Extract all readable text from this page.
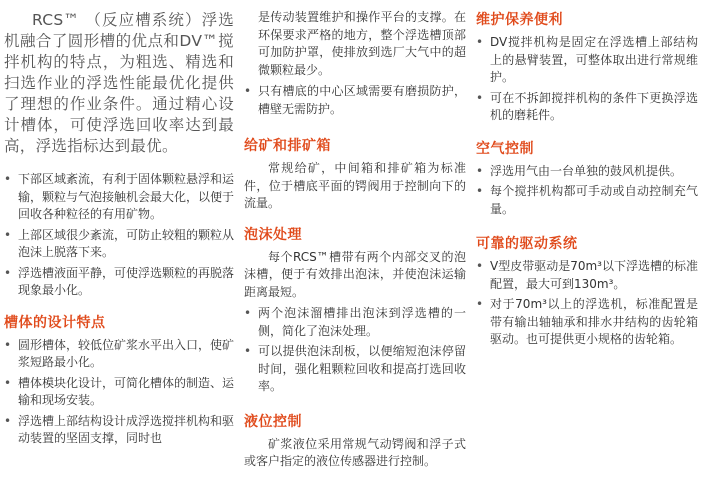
RCS™ （反应槽系统）浮选机融合了圆形槽的优点和DV™搅拌机构的特点，为粗选、精选和扫选作业的浮选性能最优化提供了理想的作业条件。通过精心设计槽体，可使浮选回收率达到最高，浮选指标达到最优。

• 下部区域紊流，有利于固体颗粒悬浮和运输，颗粒与气泡接触机会最大化，以便于回收各种粒径的有用矿物。
• 上部区域很少紊流，可防止较粗的颗粒从泡沫上脱落下来。
• 浮选槽液面平静，可使浮选颗粒的再脱落现象最小化。
槽体的设计特点
• 圆形槽体，较低位矿浆水平出入口，使矿浆短路最小化。
• 槽体模块化设计，可简化槽体的制造、运输和现场安装。
• 浮选槽上部结构设计成浮选搅拌机构和驱动装置的坚固支撑，同时也

是传动装置维护和操作平台的支撑。在环保要求严格的地方，整个浮选槽顶部可加防护罩，使排放到选厂大气中的超微颗粒最少。

• 只有槽底的中心区域需要有磨损防护，槽壁无需防护。
给矿和排矿箱

常规给矿，中间箱和排矿箱为标准件，位于槽底平面的锷阀用于控制向下的流量。

泡沫处理

每个RCS™槽带有两个内部交叉的泡沫槽，便于有效排出泡沫，并使泡沫运输距离最短。

• 两个泡沫溜槽排出泡沫到浮选槽的一侧，简化了泡沫处理。
• 可以提供泡沫刮板，以便缩短泡沫停留时间，强化粗颗粒回收和提高打选回收率。
液位控制

矿浆液位采用常规气动锷阀和浮子式或客户指定的液位传感器进行控制。

维护保养便利
• DV搅拌机构是固定在浮选槽上部结构上的悬臂装置，可整体取出进行常规维护。
• 可在不拆卸搅拌机构的条件下更换浮选机的磨耗件。
空气控制
• 浮选用气由一台单独的鼓风机提供。
• 每个搅拌机构都可手动或自动控制充气量。
可靠的驱动系统
• V型皮带驱动是70m³以下浮选槽的标准配置，最大可到130m³。
• 对于70m³以上的浮选机，标准配置是带有输出轴轴承和排水井结构的齿轮箱驱动。也可提供更小规格的齿轮箱。
